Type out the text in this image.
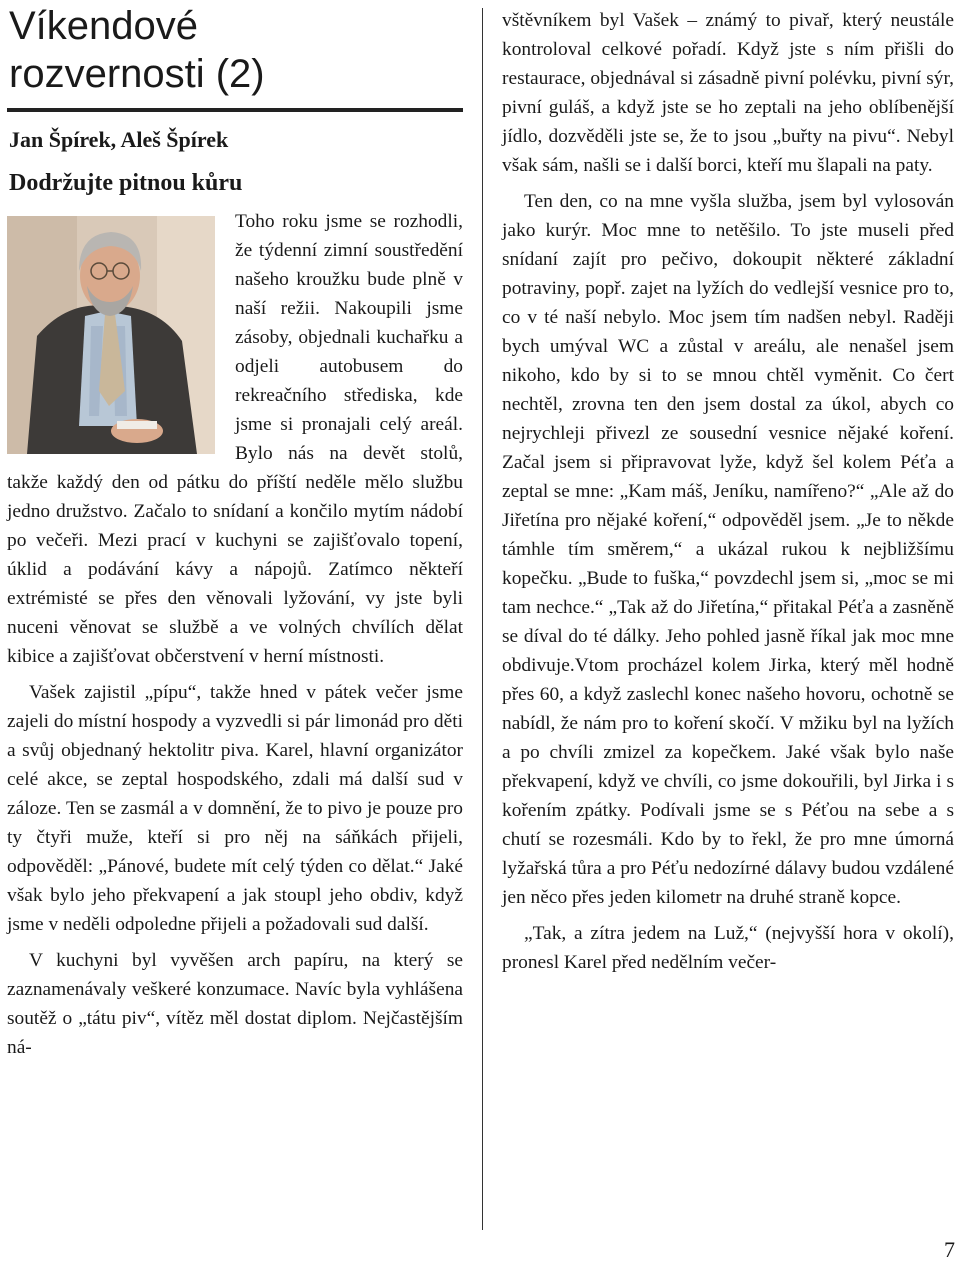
Víkendové
rozvernosti (2)
Jan Špírek, Aleš Špírek
Dodržujte pitnou kůru

Toho roku jsme se rozhodli, že týdenní zimní soustředění našeho kroužku bude plně v naší režii. Nakoupili jsme zásoby, objednali kuchařku a odjeli autobusem do rekreačního střediska, kde jsme si pronajali celý areál. Bylo nás na devět stolů, takže každý den od pátku do příští neděle mělo službu jedno družstvo. Začalo to snídaní a končilo mytím nádobí po večeři. Mezi prací v kuchyni se zajišťovalo topení, úklid a podávání kávy a nápojů. Zatímco někteří extrémisté se přes den věnovali lyžování, vy jste byli nuceni věnovat se službě a ve volných chvílích dělat kibice a zajišťovat občerstvení v herní místnosti.

Vašek zajistil „pípu“, takže hned v pátek večer jsme zajeli do místní hospody a vyzvedli si pár limonád pro děti a svůj objednaný hektolitr piva. Karel, hlavní organizátor celé akce, se zeptal hospodského, zdali má další sud v záloze. Ten se zasmál a v domnění, že to pivo je pouze pro ty čtyři muže, kteří si pro něj na sáňkách přijeli, odpověděl: „Pánové, budete mít celý týden co dělat.“ Jaké však bylo jeho překvapení a jak stoupl jeho obdiv, když jsme v neděli odpoledne přijeli a požadovali sud další.

V kuchyni byl vyvěšen arch papíru, na který se zaznamenávaly veškeré konzumace. Navíc byla vyhlášena soutěž o „tátu piv“, vítěz měl dostat diplom. Nejčastějším ná-

vštěvníkem byl Vašek – známý to pivař, který neustále kontroloval celkové pořadí. Když jste s ním přišli do restaurace, objednával si zásadně pivní polévku, pivní sýr, pivní guláš, a když jste se ho zeptali na jeho oblíbenější jídlo, dozvěděli jste se, že to jsou „buřty na pivu“. Nebyl však sám, našli se i další borci, kteří mu šlapali na paty.

Ten den, co na mne vyšla služba, jsem byl vylosován jako kurýr. Moc mne to netěšilo. To jste museli před snídaní zajít pro pečivo, dokoupit některé základní potraviny, popř. zajet na lyžích do vedlejší vesnice pro to, co v té naší nebylo. Moc jsem tím nadšen nebyl. Raději bych umýval WC a zůstal v areálu, ale nenašel jsem nikoho, kdo by si to se mnou chtěl vyměnit. Co čert nechtěl, zrovna ten den jsem dostal za úkol, abych co nejrychleji přivezl ze sousední vesnice nějaké koření. Začal jsem si připravovat lyže, když šel kolem Péťa a zeptal se mne: „Kam máš, Jeníku, namířeno?“ „Ale až do Jiřetína pro nějaké koření,“ odpověděl jsem. „Je to někde támhle tím směrem,“ a ukázal rukou k nejbližšímu kopečku. „Bude to fuška,“ povzdechl jsem si, „moc se mi tam nechce.“ „Tak až do Jiřetína,“ přitakal Péťa a zasněně se díval do té dálky. Jeho pohled jasně říkal jak moc mne obdivuje.Vtom procházel kolem Jirka, který měl hodně přes 60, a když zaslechl konec našeho hovoru, ochotně se nabídl, že nám pro to koření skočí. V mžiku byl na lyžích a po chvíli zmizel za kopečkem. Jaké však bylo naše překvapení, když ve chvíli, co jsme dokouřili, byl Jirka i s kořením zpátky. Podívali jsme se s Péťou na sebe a s chutí se rozesmáli. Kdo by to řekl, že pro mne úmorná lyžařská tůra a pro Péťu nedozírné dálavy budou vzdálené jen něco přes jeden kilometr na druhé straně kopce.

„Tak, a zítra jedem na Luž,“ (nejvyšší hora v okolí), pronesl Karel před nedělním večer-

7
